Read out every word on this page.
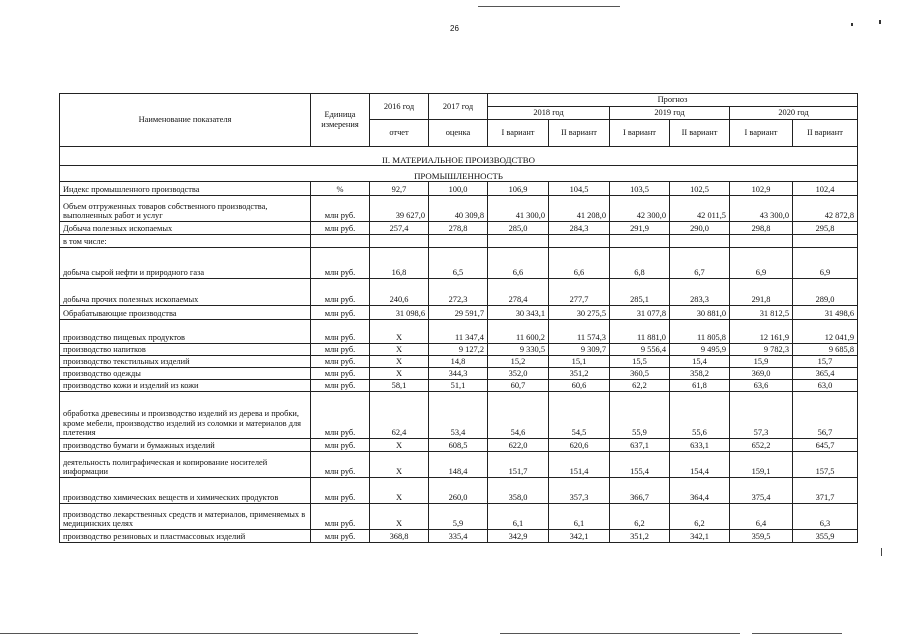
26
Наименование показателя	Единица измерения	2016 год	2017 год	Прогноз					
				2018 год		2019 год		2020 год	
		отчет	оценка	I вариант	II вариант	I вариант	II вариант	I вариант	II вариант
II. МАТЕРИАЛЬНОЕ ПРОИЗВОДСТВО									
ПРОМЫШЛЕННОСТЬ									
Индекс промышленного производства	%	92,7	100,0	106,9	104,5	103,5	102,5	102,9	102,4
Объем отгруженных товаров собственного производства, выполненных работ и услуг	млн руб.	39 627,0	40 309,8	41 300,0	41 208,0	42 300,0	42 011,5	43 300,0	42 872,8
Добыча полезных ископаемых	млн руб.	257,4	278,8	285,0	284,3	291,9	290,0	298,8	295,8
в том числе:									
добыча сырой нефти и природного газа	млн руб.	16,8	6,5	6,6	6,6	6,8	6,7	6,9	6,9
добыча прочих полезных ископаемых	млн руб.	240,6	272,3	278,4	277,7	285,1	283,3	291,8	289,0
Обрабатывающие производства	млн руб.	31 098,6	29 591,7	30 343,1	30 275,5	31 077,8	30 881,0	31 812,5	31 498,6
производство пищевых продуктов	млн руб.	X	11 347,4	11 600,2	11 574,3	11 881,0	11 805,8	12 161,9	12 041,9
производство напитков	млн руб.	X	9 127,2	9 330,5	9 309,7	9 556,4	9 495,9	9 782,3	9 685,8
производство текстильных изделий	млн руб.	X	14,8	15,2	15,1	15,5	15,4	15,9	15,7
производство одежды	млн руб.	X	344,3	352,0	351,2	360,5	358,2	369,0	365,4
производство кожи и изделий из кожи	млн руб.	58,1	51,1	60,7	60,6	62,2	61,8	63,6	63,0
обработка древесины и производство изделий из дерева и пробки, кроме мебели, производство изделий из соломки и материалов для плетения	млн руб.	62,4	53,4	54,6	54,5	55,9	55,6	57,3	56,7
производство бумаги и бумажных изделий	млн руб.	X	608,5	622,0	620,6	637,1	633,1	652,2	645,7
деятельность полиграфическая и копирование носителей информации	млн руб.	X	148,4	151,7	151,4	155,4	154,4	159,1	157,5
производство химических веществ и химических продуктов	млн руб.	X	260,0	358,0	357,3	366,7	364,4	375,4	371,7
производство лекарственных средств и материалов, применяемых в медицинских целях	млн руб.	X	5,9	6,1	6,1	6,2	6,2	6,4	6,3
производство резиновых и пластмассовых изделий	млн руб.	368,8	335,4	342,9	342,1	351,2	342,1	359,5	355,9
